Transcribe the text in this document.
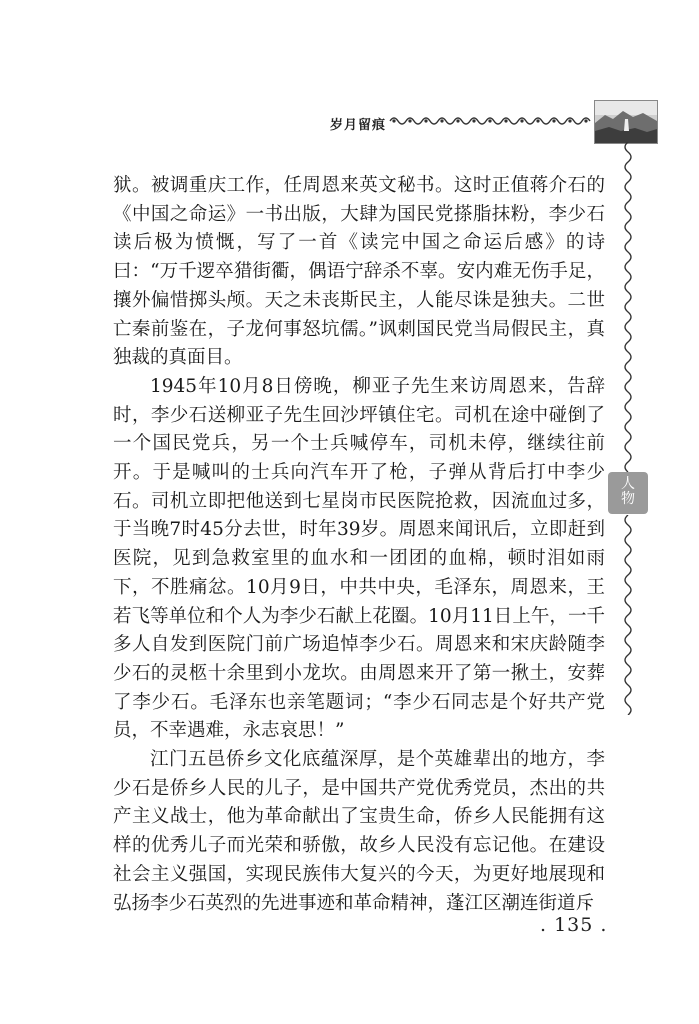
岁月留痕
人
物

狱。被调重庆工作，任周恩来英文秘书。这时正值蒋介石的《中国之命运》一书出版，大肆为国民党搽脂抹粉，李少石读后极为愤慨，写了一首《读完中国之命运后感》的诗曰：“万千逻卒猎街衢，偶语宁辞杀不辜。安内难无伤手足，攘外偏惜掷头颅。天之未丧斯民主，人能尽诛是独夫。二世亡秦前鉴在，子龙何事怒坑儒。”讽刺国民党当局假民主，真独裁的真面目。

1945年10月8日傍晚，柳亚子先生来访周恩来，告辞时，李少石送柳亚子先生回沙坪镇住宅。司机在途中碰倒了一个国民党兵，另一个士兵喊停车，司机未停，继续往前开。于是喊叫的士兵向汽车开了枪，子弹从背后打中李少石。司机立即把他送到七星岗市民医院抢救，因流血过多，于当晚7时45分去世，时年39岁。周恩来闻讯后，立即赶到医院，见到急救室里的血水和一团团的血棉，顿时泪如雨下，不胜痛忿。10月9日，中共中央，毛泽东，周恩来，王若飞等单位和个人为李少石献上花圈。10月11日上午，一千多人自发到医院门前广场追悼李少石。周恩来和宋庆龄随李少石的灵柩十余里到小龙坎。由周恩来开了第一揪土，安葬了李少石。毛泽东也亲笔题词；“李少石同志是个好共产党员，不幸遇难，永志哀思！”

江门五邑侨乡文化底蕴深厚，是个英雄辈出的地方，李少石是侨乡人民的儿子，是中国共产党优秀党员，杰出的共产主义战士，他为革命献出了宝贵生命，侨乡人民能拥有这样的优秀儿子而光荣和骄傲，故乡人民没有忘记他。在建设社会主义强国，实现民族伟大复兴的今天，为更好地展现和弘扬李少石英烈的先进事迹和革命精神，蓬江区潮连街道斥

. 135 .
